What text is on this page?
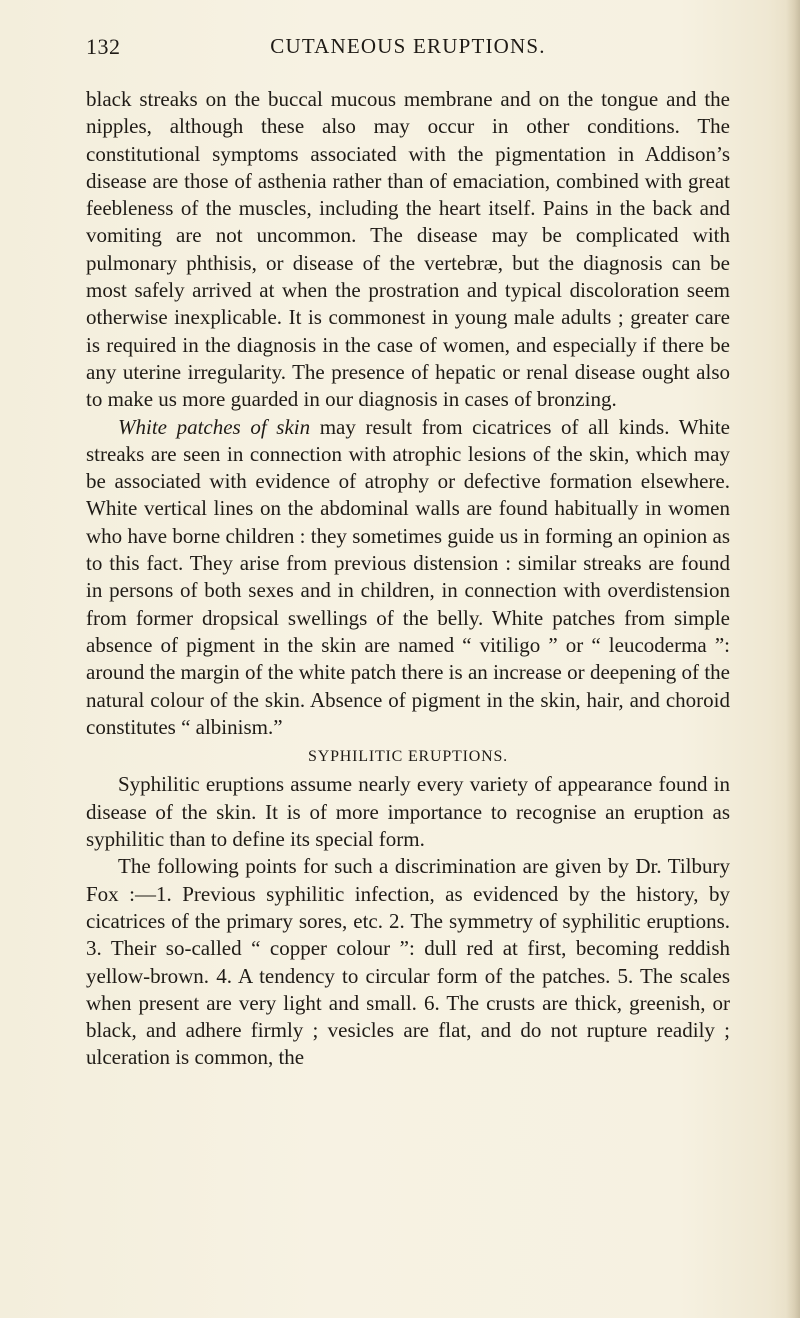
132	CUTANEOUS ERUPTIONS.

black streaks on the buccal mucous membrane and on the tongue and the nipples, although these also may occur in other conditions. The constitutional symptoms associated with the pigmentation in Addison’s disease are those of asthenia rather than of emaciation, combined with great feebleness of the muscles, including the heart itself. Pains in the back and vomiting are not uncommon. The disease may be complicated with pulmonary phthisis, or disease of the vertebræ, but the diagnosis can be most safely arrived at when the prostration and typical discoloration seem otherwise inexplicable. It is commonest in young male adults ; greater care is required in the diagnosis in the case of women, and especially if there be any uterine irregularity. The presence of hepatic or renal disease ought also to make us more guarded in our diagnosis in cases of bronzing.

White patches of skin may result from cicatrices of all kinds. White streaks are seen in connection with atrophic lesions of the skin, which may be associated with evidence of atrophy or defective formation elsewhere. White vertical lines on the abdominal walls are found habitually in women who have borne children : they sometimes guide us in forming an opinion as to this fact. They arise from previous distension : similar streaks are found in persons of both sexes and in children, in connection with overdistension from former dropsical swellings of the belly. White patches from simple absence of pigment in the skin are named “ vitiligo ” or “ leucoderma ”: around the margin of the white patch there is an increase or deepening of the natural colour of the skin. Absence of pigment in the skin, hair, and choroid constitutes “ albinism.”

SYPHILITIC ERUPTIONS.

Syphilitic eruptions assume nearly every variety of appearance found in disease of the skin. It is of more importance to recognise an eruption as syphilitic than to define its special form.

The following points for such a discrimination are given by Dr. Tilbury Fox :—1. Previous syphilitic infection, as evidenced by the history, by cicatrices of the primary sores, etc. 2. The symmetry of syphilitic eruptions. 3. Their so-called “ copper colour ”: dull red at first, becoming reddish yellow-brown. 4. A tendency to circular form of the patches. 5. The scales when present are very light and small. 6. The crusts are thick, greenish, or black, and adhere firmly ; vesicles are flat, and do not rupture readily ; ulceration is common, the
